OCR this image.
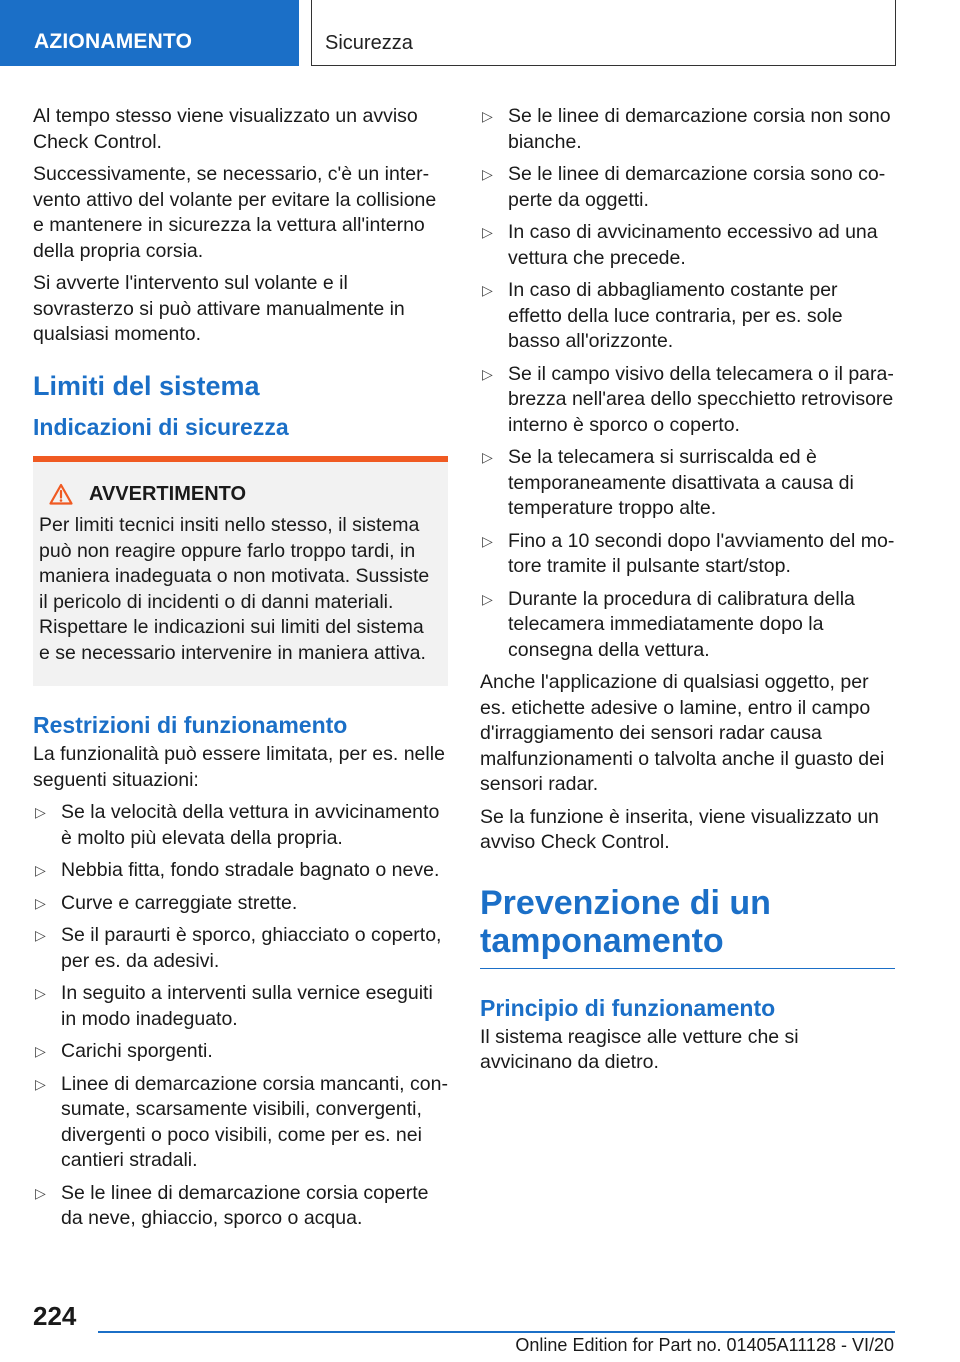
AZIONAMENTO	Sicurezza

Al tempo stesso viene visualizzato un avviso Check Control.

Successivamente, se necessario, c'è un intervento attivo del volante per evitare la collisione e mantenere in sicurezza la vettura all'interno della propria corsia.

Si avverte l'intervento sul volante e il sovrasterzo si può attivare manualmente in qualsiasi momento.

Limiti del sistema
Indicazioni di sicurezza
AVVERTIMENTO
Per limiti tecnici insiti nello stesso, il sistema può non reagire oppure farlo troppo tardi, in maniera inadeguata o non motivata. Sussiste il pericolo di incidenti o di danni materiali. Rispettare le indicazioni sui limiti del sistema e se necessario intervenire in maniera attiva.
Restrizioni di funzionamento

La funzionalità può essere limitata, per es. nelle seguenti situazioni:

▷ Se la velocità della vettura in avvicinamento è molto più elevata della propria.
▷ Nebbia fitta, fondo stradale bagnato o neve.
▷ Curve e carreggiate strette.
▷ Se il paraurti è sporco, ghiacciato o coperto, per es. da adesivi.
▷ In seguito a interventi sulla vernice eseguiti in modo inadeguato.
▷ Carichi sporgenti.
▷ Linee di demarcazione corsia mancanti, consumate, scarsamente visibili, convergenti, divergenti o poco visibili, come per es. nei cantieri stradali.
▷ Se le linee di demarcazione corsia coperte da neve, ghiaccio, sporco o acqua.
▷ Se le linee di demarcazione corsia non sono bianche.
▷ Se le linee di demarcazione corsia sono coperte da oggetti.
▷ In caso di avvicinamento eccessivo ad una vettura che precede.
▷ In caso di abbagliamento costante per effetto della luce contraria, per es. sole basso all'orizzonte.
▷ Se il campo visivo della telecamera o il parabrezza nell'area dello specchietto retrovisore interno è sporco o coperto.
▷ Se la telecamera si surriscalda ed è temporaneamente disattivata a causa di temperature troppo alte.
▷ Fino a 10 secondi dopo l'avviamento del motore tramite il pulsante start/stop.
▷ Durante la procedura di calibratura della telecamera immediatamente dopo la consegna della vettura.

Anche l'applicazione di qualsiasi oggetto, per es. etichette adesive o lamine, entro il campo d'irraggiamento dei sensori radar causa malfunzionamenti o talvolta anche il guasto dei sensori radar.

Se la funzione è inserita, viene visualizzato un avviso Check Control.

Prevenzione di un tamponamento
Principio di funzionamento

Il sistema reagisce alle vetture che si avvicinano da dietro.

224
Online Edition for Part no. 01405A11128 - VI/20
